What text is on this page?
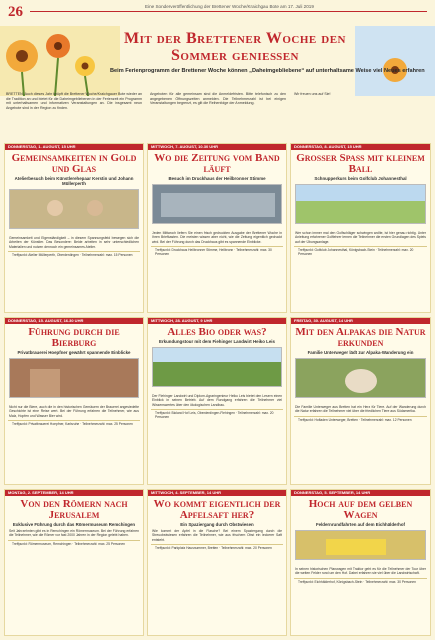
26	Eine Sonderveröffentlichung der Brettener Woche/Kraichgau Bote am 17. Juli 2019
Mit der Brettener Woche den Sommer genießen
Beim Ferienprogramm der Brettener Woche können „Daheimgebliebene“ auf unterhaltsame Weise viel Neues erfahren
BRETTEN. Auch dieses Jahr knüpft die Brettener Woche/Kraichgauer Bote wieder an die Tradition an und bietet für die Daheimgebliebenen in der Ferienzeit ein Programm mit unterhaltsamen und informativen Veranstaltungen an. Die insgesamt neun Angebote sind in der Region zu finden.
Angeboten für alle gemeinsam sind die Anmeldefristen. Bitte telefonisch zu den angegebenen Öffnungszeiten anmelden. Die Teilnehmerzahl ist bei einigen Veranstaltungen begrenzt, es gilt die Reihenfolge der Anmeldung.
Wir freuen uns auf Sie!
DONNERSTAG, 1. AUGUST, 15 UHR
Gemeinsamkeiten in Gold und Glas
Atelierbesuch beim Künstlerehepaar Kerstin und Johann Müllerperth
Gemeinsamkeit und Eigenständigkeit – in diesem Spannungsfeld bewegen sich die Arbeiten der Künstler. Das Besondere: Beide arbeiten in sehr unterschiedlichen Materialien und nutzen dennoch ein gemeinsames Atelier.
Treffpunkt: Atelier Müllerperth, Oberderdingen · Teilnehmerzahl: max. 15 Personen
MITTWOCH, 7. AUGUST, 10.30 UHR
Wo die Zeitung vom Band läuft
Besuch im Druckhaus der Heilbronner Stimme
Jeden Mittwoch liefern Sie einen frisch gedruckten Ausgabe der Brettener Woche in Ihren Briefkasten. Die meisten wissen aber nicht, wie die Zeitung eigentlich gedruckt wird. Bei der Führung durch das Druckhaus gibt es spannende Einblicke.
Treffpunkt: Druckhaus Heilbronner Stimme, Heilbronn · Teilnehmerzahl: max. 30 Personen
DONNERSTAG, 8. AUGUST, 15 UHR
Großer Spaß mit kleinem Ball
Schnupperkurs beim Golfclub Johannesthal
Wer schon immer mal den Golfschläger schwingen wollte, ist hier genau richtig. Unter Anleitung erfahrener Golflehrer lernen die Teilnehmer die ersten Grundlagen des Spiels auf der Übungsanlage.
Treffpunkt: Golfclub Johannesthal, Königsbach-Stein · Teilnehmerzahl: max. 20 Personen
DONNERSTAG, 15. AUGUST, 16.30 UHR
Führung durch die Bierburg
Privatbrauerei Hoepfner gewährt spannende Einblicke
Nicht nur die Biere, auch die in den historischen Gemäuern der Brauerei angesiedelte Geschichte ist eine Reise wert. Bei der Führung erfahren die Teilnehmer, wie aus Malz, Hopfen und Wasser Bier wird.
Treffpunkt: Privatbrauerei Hoepfner, Karlsruhe · Teilnehmerzahl: max. 25 Personen
MITTWOCH, 28. AUGUST, 9 UHR
Alles Bio oder was?
Erkundungstour mit dem Fiehinger Landwirt Heiko Leis
Der Flehinger Landwirt und Diplom-Agraringenieur Heiko Leis bietet den Lesern einen Einblick in seinen Betrieb. Auf dem Rundgang erfahren die Teilnehmer viel Wissenswertes über den ökologischen Landbau.
Treffpunkt: Bioland Hof Leis, Oberderdingen-Flehingen · Teilnehmerzahl: max. 20 Personen
FREITAG, 30. AUGUST, 14 UHR
Mit den Alpakas die Natur erkunden
Familie Unterweger lädt zur Alpaka-Wanderung ein
Die Familie Unterweger aus Bretten hat ein Herz für Tiere. Auf der Wanderung durch die Natur erfahren die Teilnehmer viel über die friedlichen Tiere aus Südamerika.
Treffpunkt: Hofladen Unterweger, Bretten · Teilnehmerzahl: max. 12 Personen
MONTAG, 2. SEPTEMBER, 14 UHR
Von den Römern nach Jerusalem
Exklusive Führung durch das Römermuseum Remchingen
Seit Jahrzehnten gibt es in Remchingen ein Römermuseum. Bei der Führung erfahren die Teilnehmer, wie die Römer vor fast 2000 Jahren in der Region gelebt haben.
Treffpunkt: Römermuseum, Remchingen · Teilnehmerzahl: max. 25 Personen
MITTWOCH, 4. SEPTEMBER, 14 UHR
Wo kommt eigentlich der Apfelsaft her?
Ein Spaziergang durch Obstwiesen
Wie kommt der Apfel in die Flasche? Bei einem Spaziergang durch die Streuobstwiesen erfahren die Teilnehmer, wie aus frischem Obst ein leckerer Saft entsteht.
Treffpunkt: Parkplatz Hausnummer, Bretten · Teilnehmerzahl: max. 20 Personen
DONNERSTAG, 5. SEPTEMBER, 14 UHR
Hoch auf dem gelben Wagen
Feldernrundfahrten auf dem Eichhälderhof
In seinen historischen Planwagen mit Traktor geht es für die Teilnehmer der Tour über die weiten Felder rund um den Hof. Dabei erfahren sie viel über die Landwirtschaft.
Treffpunkt: Eichhälderhof, Königsbach-Stein · Teilnehmerzahl: max. 30 Personen
